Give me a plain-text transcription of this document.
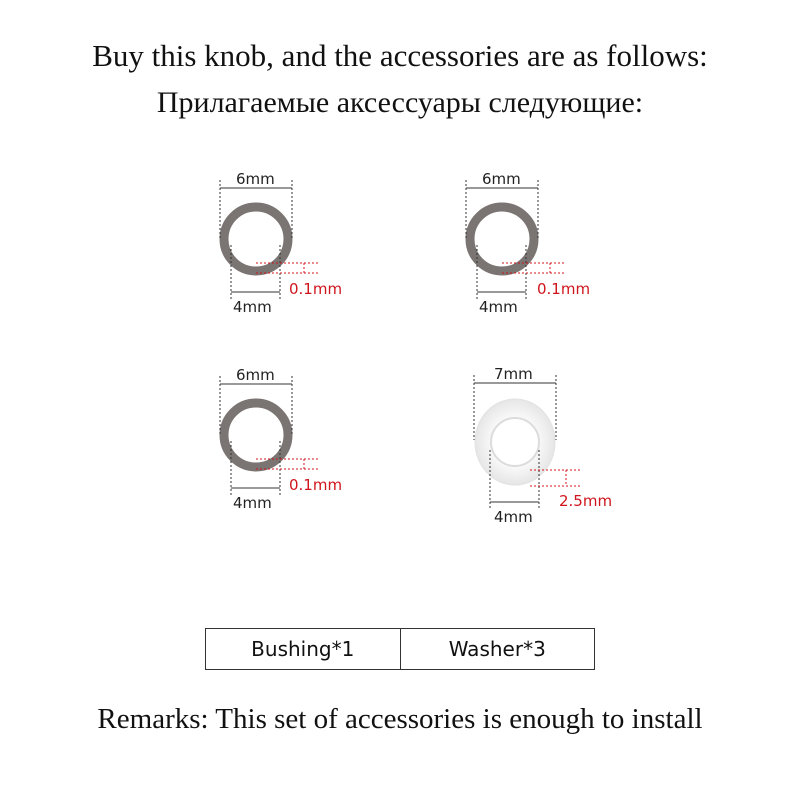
Buy this knob, and the accessories are as follows:
Прилагаемые аксессуары следующие:
6mm
4mm
0.1mm
6mm
4mm
0.1mm
6mm
4mm
0.1mm
7mm
4mm
2.5mm
Bushing*1	Washer*3
Remarks: This set of accessories is enough to install
